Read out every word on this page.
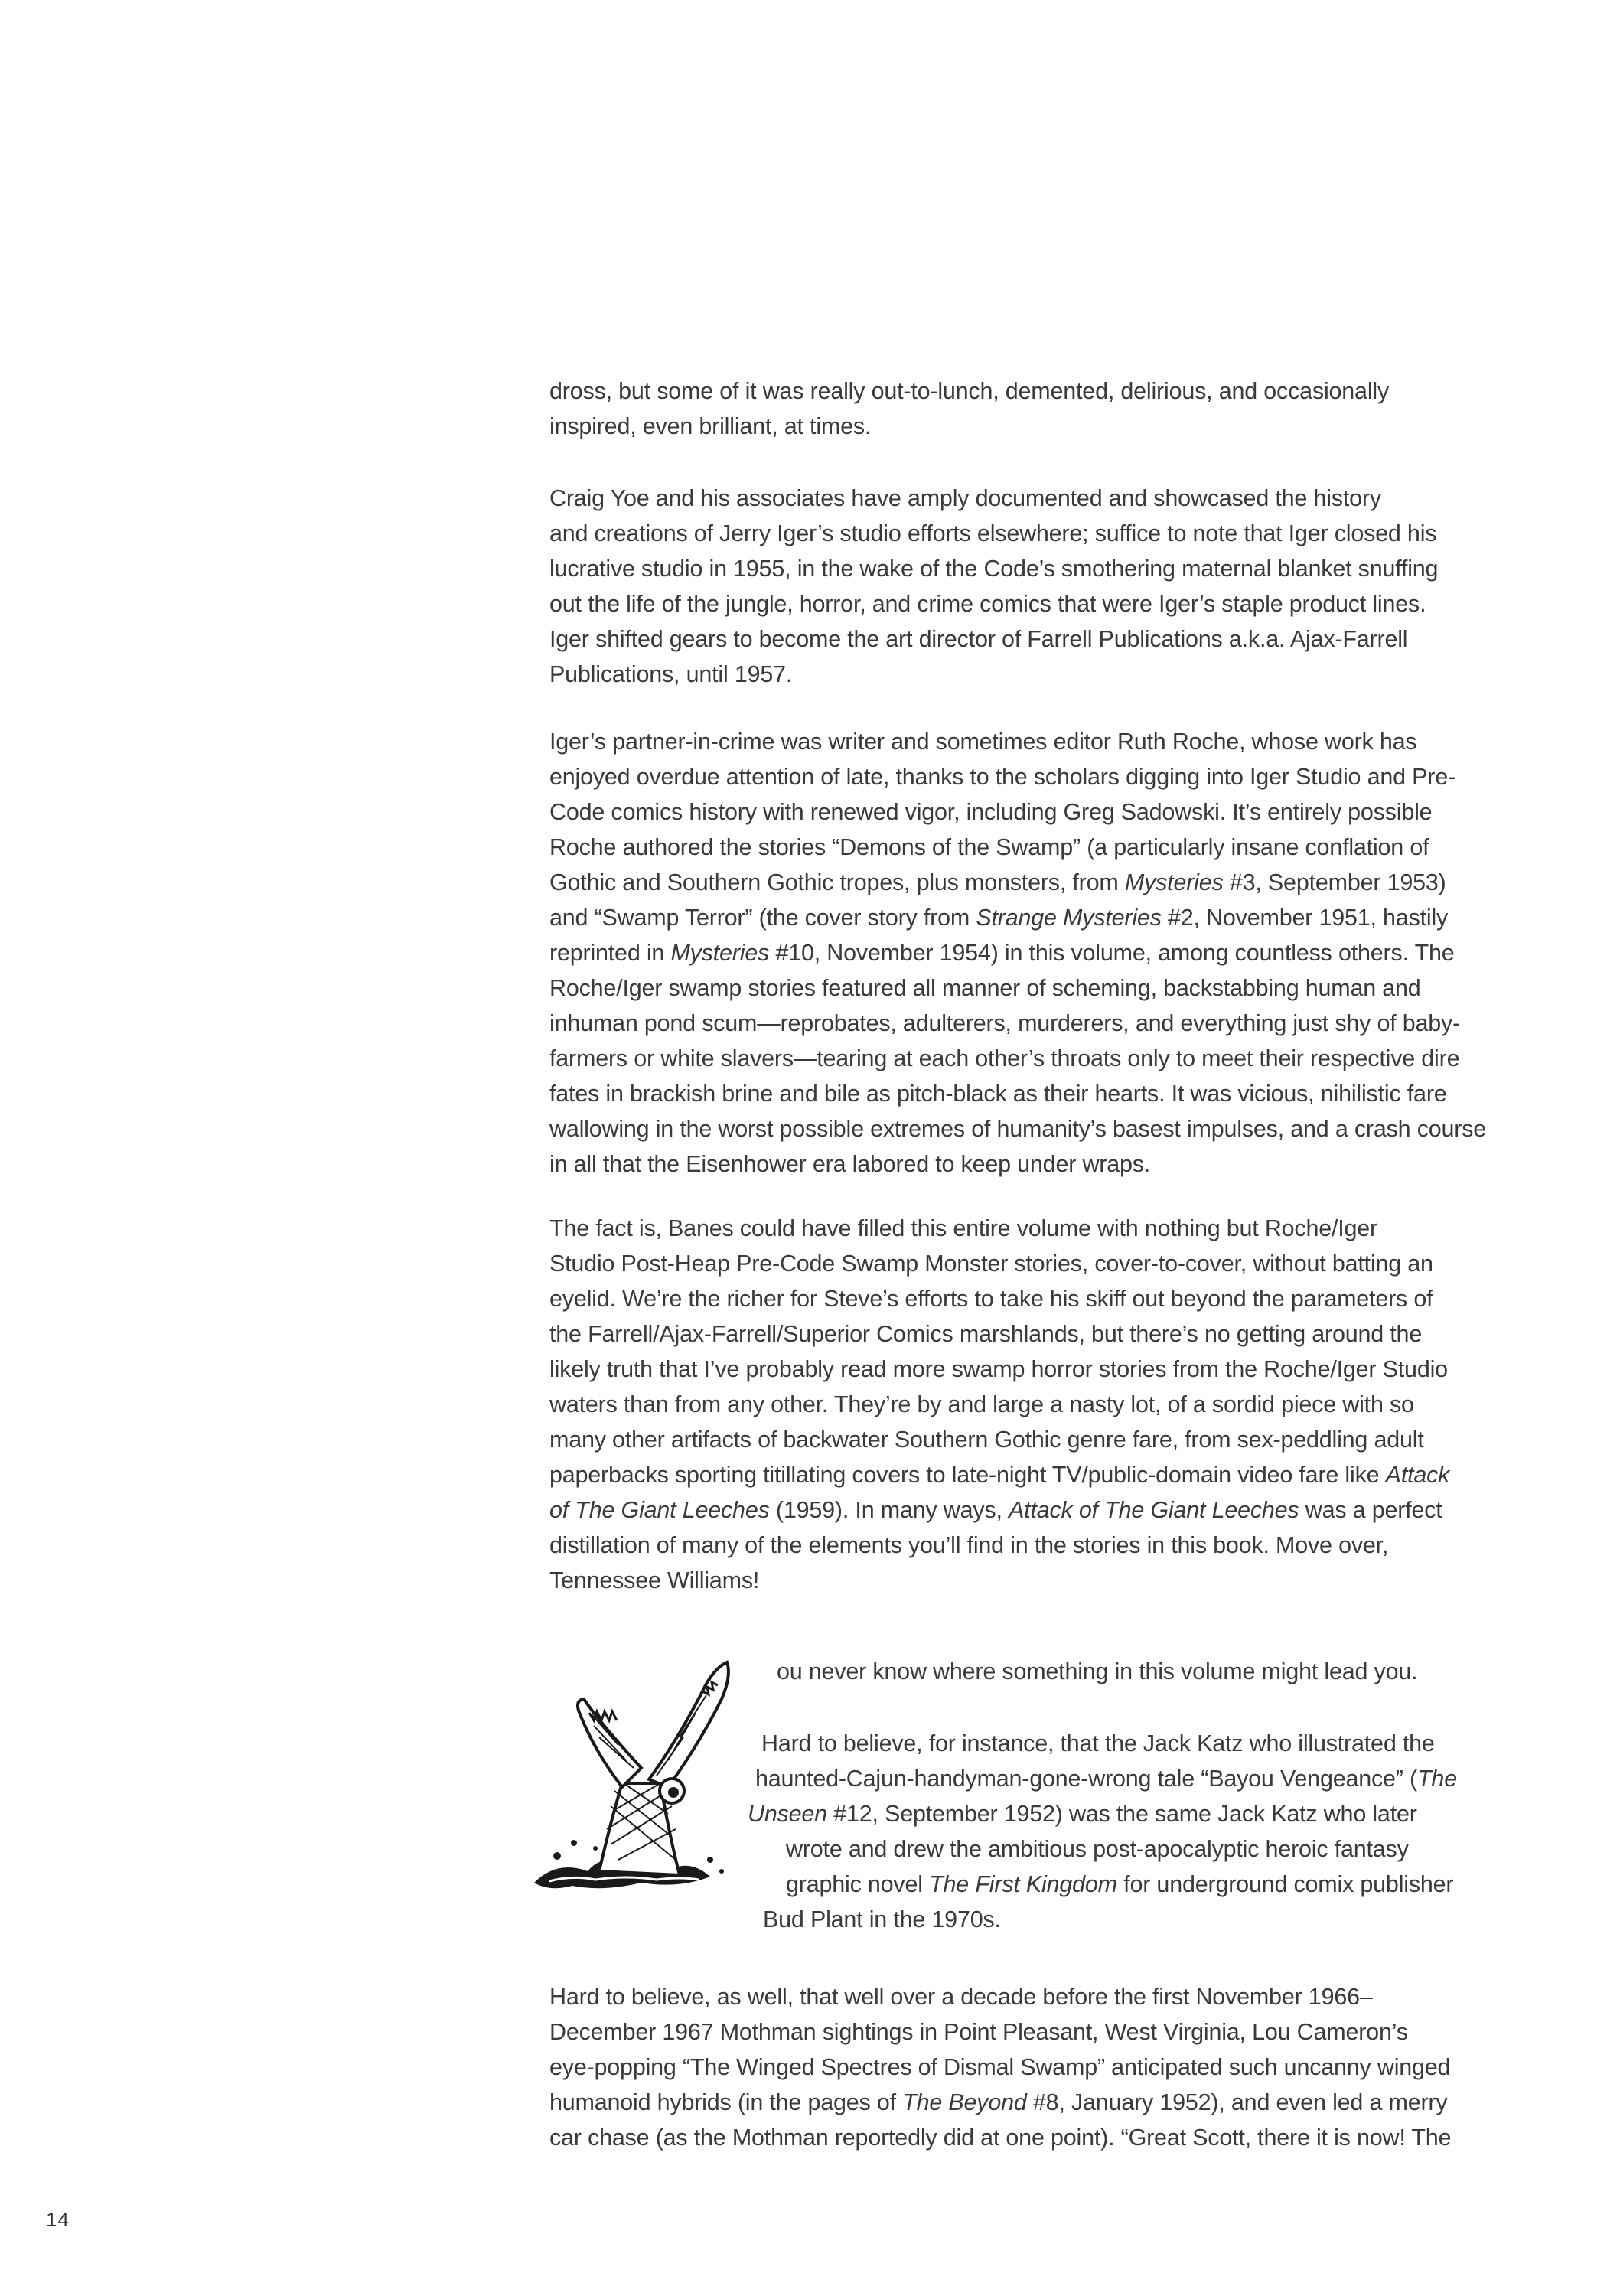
dross, but some of it was really out-to-lunch, demented, delirious, and occasionally
inspired, even brilliant, at times.
Craig Yoe and his associates have amply documented and showcased the history
and creations of Jerry Iger’s studio efforts elsewhere; suffice to note that Iger closed his
lucrative studio in 1955, in the wake of the Code’s smothering maternal blanket snuffing
out the life of the jungle, horror, and crime comics that were Iger’s staple product lines.
Iger shifted gears to become the art director of Farrell Publications a.k.a. Ajax-Farrell
Publications, until 1957.
Iger’s partner-in-crime was writer and sometimes editor Ruth Roche, whose work has
enjoyed overdue attention of late, thanks to the scholars digging into Iger Studio and Pre-
Code comics history with renewed vigor, including Greg Sadowski. It’s entirely possible
Roche authored the stories “Demons of the Swamp” (a particularly insane conflation of
Gothic and Southern Gothic tropes, plus monsters, from Mysteries #3, September 1953)
and “Swamp Terror” (the cover story from Strange Mysteries #2, November 1951, hastily
reprinted in Mysteries #10, November 1954) in this volume, among countless others. The
Roche/Iger swamp stories featured all manner of scheming, backstabbing human and
inhuman pond scum—reprobates, adulterers, murderers, and everything just shy of baby-
farmers or white slavers—tearing at each other’s throats only to meet their respective dire
fates in brackish brine and bile as pitch-black as their hearts. It was vicious, nihilistic fare
wallowing in the worst possible extremes of humanity’s basest impulses, and a crash course
in all that the Eisenhower era labored to keep under wraps.
The fact is, Banes could have filled this entire volume with nothing but Roche/Iger
Studio Post-Heap Pre-Code Swamp Monster stories, cover-to-cover, without batting an
eyelid. We’re the richer for Steve’s efforts to take his skiff out beyond the parameters of
the Farrell/Ajax-Farrell/Superior Comics marshlands, but there’s no getting around the
likely truth that I’ve probably read more swamp horror stories from the Roche/Iger Studio
waters than from any other. They’re by and large a nasty lot, of a sordid piece with so
many other artifacts of backwater Southern Gothic genre fare, from sex-peddling adult
paperbacks sporting titillating covers to late-night TV/public-domain video fare like Attack
of The Giant Leeches (1959). In many ways, Attack of The Giant Leeches was a perfect
distillation of many of the elements you’ll find in the stories in this book. Move over,
Tennessee Williams!
ou never know where something in this volume might lead you.
Hard to believe, for instance, that the Jack Katz who illustrated the
haunted-Cajun-handyman-gone-wrong tale “Bayou Vengeance” (The
Unseen #12, September 1952) was the same Jack Katz who later
wrote and drew the ambitious post-apocalyptic heroic fantasy
graphic novel The First Kingdom for underground comix publisher
Bud Plant in the 1970s.
Hard to believe, as well, that well over a decade before the first November 1966–
December 1967 Mothman sightings in Point Pleasant, West Virginia, Lou Cameron’s
eye-popping “The Winged Spectres of Dismal Swamp” anticipated such uncanny winged
humanoid hybrids (in the pages of The Beyond #8, January 1952), and even led a merry
car chase (as the Mothman reportedly did at one point). “Great Scott, there it is now! The
14
